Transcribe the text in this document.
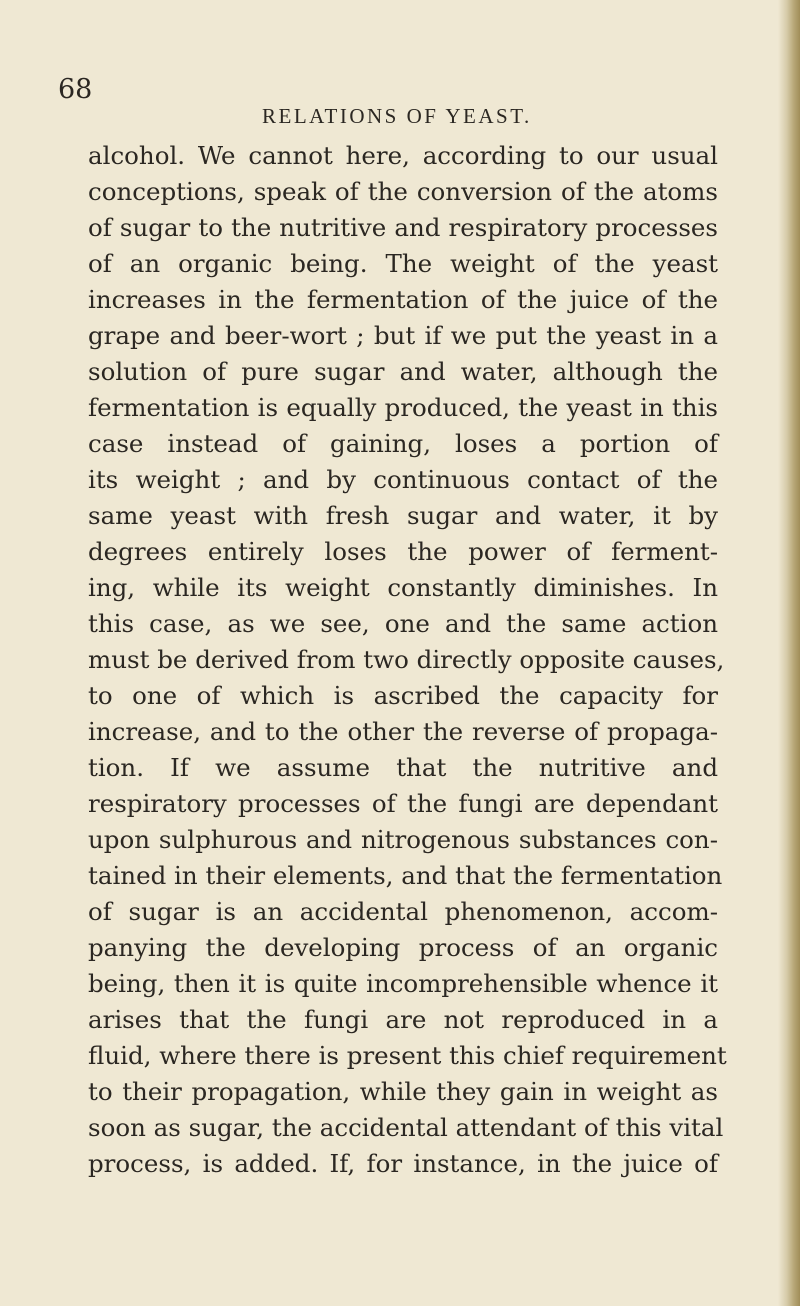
68
RELATIONS OF YEAST.
alcohol. We cannot here, according to our usual
conceptions, speak of the conversion of the atoms
of sugar to the nutritive and respiratory processes
of an organic being. The weight of the yeast
increases in the fermentation of the juice of the
grape and beer-wort ; but if we put the yeast in a
solution of pure sugar and water, although the
fermentation is equally produced, the yeast in this
case instead of gaining, loses a portion of
its weight ; and by continuous contact of the
same yeast with fresh sugar and water, it by
degrees entirely loses the power of ferment-
ing, while its weight constantly diminishes. In
this case, as we see, one and the same action
must be derived from two directly opposite causes,
to one of which is ascribed the capacity for
increase, and to the other the reverse of propaga-
tion. If we assume that the nutritive and
respiratory processes of the fungi are dependant
upon sulphurous and nitrogenous substances con-
tained in their elements, and that the fermentation
of sugar is an accidental phenomenon, accom-
panying the developing process of an organic
being, then it is quite incomprehensible whence it
arises that the fungi are not reproduced in a
fluid, where there is present this chief requirement
to their propagation, while they gain in weight as
soon as sugar, the accidental attendant of this vital
process, is added. If, for instance, in the juice of
